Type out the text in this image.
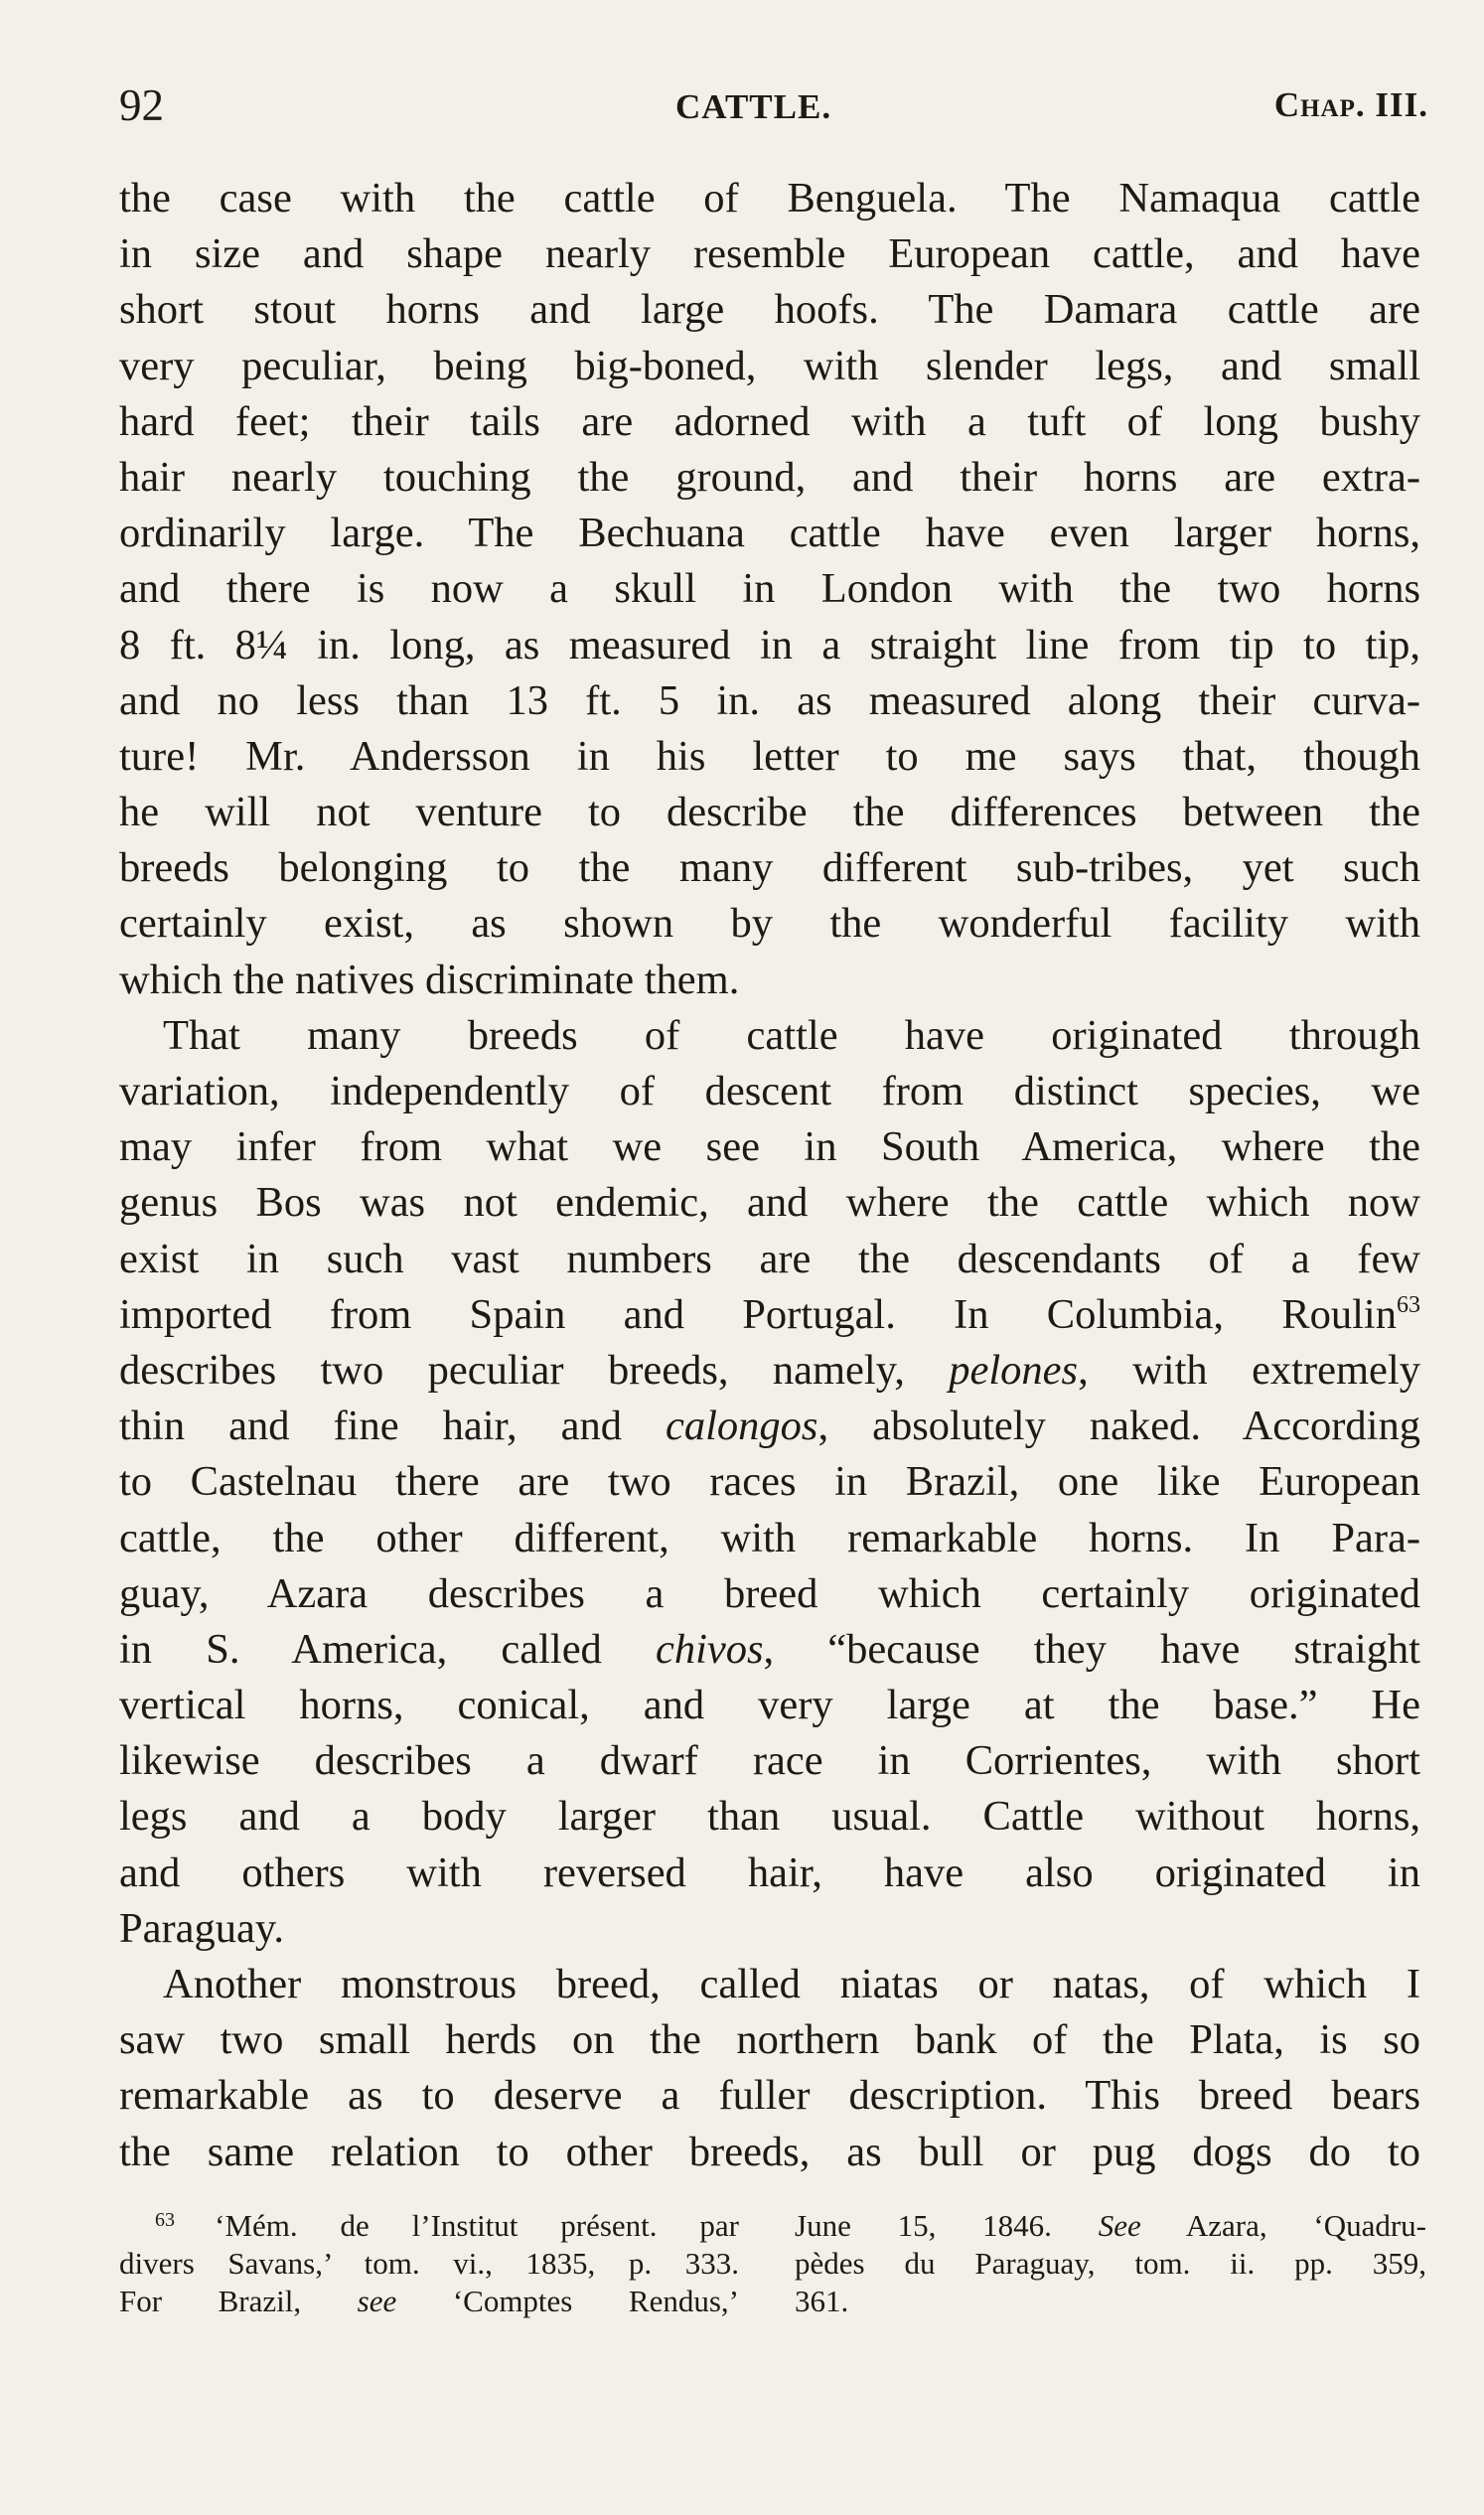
92	CATTLE.	Chap. III.
the case with the cattle of Benguela. The Namaqua cattle
in size and shape nearly resemble European cattle, and have
short stout horns and large hoofs. The Damara cattle are
very peculiar, being big-boned, with slender legs, and small
hard feet; their tails are adorned with a tuft of long bushy
hair nearly touching the ground, and their horns are extra-
ordinarily large. The Bechuana cattle have even larger horns,
and there is now a skull in London with the two horns
8 ft. 8¼ in. long, as measured in a straight line from tip to tip,
and no less than 13 ft. 5 in. as measured along their curva-
ture! Mr. Andersson in his letter to me says that, though
he will not venture to describe the differences between the
breeds belonging to the many different sub-tribes, yet such
certainly exist, as shown by the wonderful facility with
which the natives discriminate them.
That many breeds of cattle have originated through
variation, independently of descent from distinct species, we
may infer from what we see in South America, where the
genus Bos was not endemic, and where the cattle which now
exist in such vast numbers are the descendants of a few
imported from Spain and Portugal. In Columbia, Roulin$^{63}$
describes two peculiar breeds, namely, pelones, with extremely
thin and fine hair, and calongos, absolutely naked. According
to Castelnau there are two races in Brazil, one like European
cattle, the other different, with remarkable horns. In Para-
guay, Azara describes a breed which certainly originated
in S. America, called chivos, “because they have straight
vertical horns, conical, and very large at the base.” He
likewise describes a dwarf race in Corrientes, with short
legs and a body larger than usual. Cattle without horns,
and others with reversed hair, have also originated in
Paraguay.
Another monstrous breed, called niatas or natas, of which I
saw two small herds on the northern bank of the Plata, is so
remarkable as to deserve a fuller description. This breed bears
the same relation to other breeds, as bull or pug dogs do to
$^{63}$ ‘Mém. de l’Institut présent. par
divers Savans,’ tom. vi., 1835, p. 333.
For Brazil, see ‘Comptes Rendus,’
June 15, 1846. See Azara, ‘Quadru-
pèdes du Paraguay, tom. ii. pp. 359,
361.
